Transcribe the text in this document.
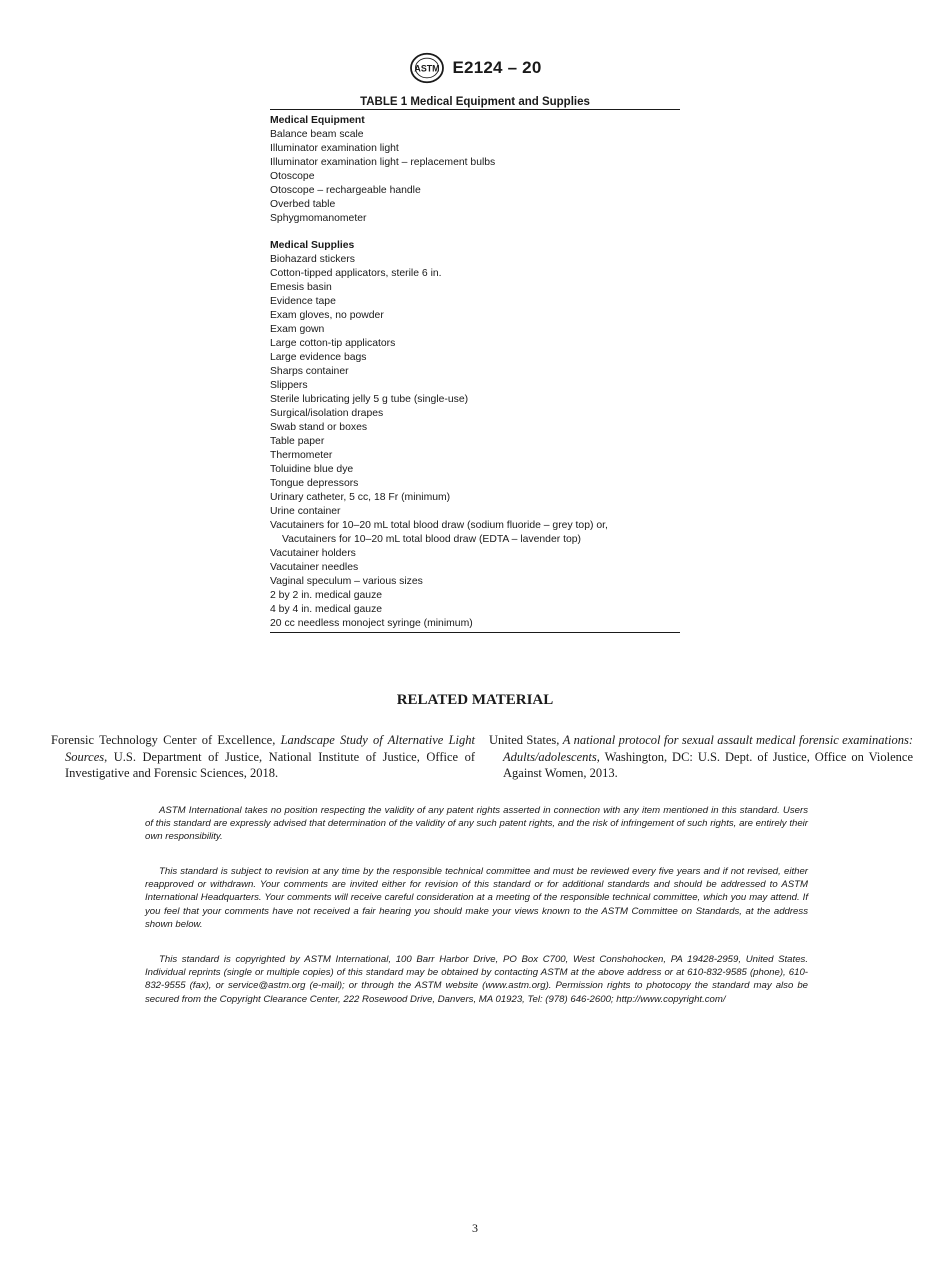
ASTM E2124 – 20
TABLE 1 Medical Equipment and Supplies
Medical Equipment
Balance beam scale
Illuminator examination light
Illuminator examination light – replacement bulbs
Otoscope
Otoscope – rechargeable handle
Overbed table
Sphygmomanometer
Medical Supplies
Biohazard stickers
Cotton-tipped applicators, sterile 6 in.
Emesis basin
Evidence tape
Exam gloves, no powder
Exam gown
Large cotton-tip applicators
Large evidence bags
Sharps container
Slippers
Sterile lubricating jelly 5 g tube (single-use)
Surgical/isolation drapes
Swab stand or boxes
Table paper
Thermometer
Toluidine blue dye
Tongue depressors
Urinary catheter, 5 cc, 18 Fr (minimum)
Urine container
Vacutainers for 10–20 mL total blood draw (sodium fluoride – grey top) or,
Vacutainers for 10–20 mL total blood draw (EDTA – lavender top)
Vacutainer holders
Vacutainer needles
Vaginal speculum – various sizes
2 by 2 in. medical gauze
4 by 4 in. medical gauze
20 cc needless monoject syringe (minimum)
RELATED MATERIAL
Forensic Technology Center of Excellence, Landscape Study of Alternative Light Sources, U.S. Department of Justice, National Institute of Justice, Office of Investigative and Forensic Sciences, 2018.
United States, A national protocol for sexual assault medical forensic examinations: Adults/adolescents, Washington, DC: U.S. Dept. of Justice, Office on Violence Against Women, 2013.
ASTM International takes no position respecting the validity of any patent rights asserted in connection with any item mentioned in this standard. Users of this standard are expressly advised that determination of the validity of any such patent rights, and the risk of infringement of such rights, are entirely their own responsibility.
This standard is subject to revision at any time by the responsible technical committee and must be reviewed every five years and if not revised, either reapproved or withdrawn. Your comments are invited either for revision of this standard or for additional standards and should be addressed to ASTM International Headquarters. Your comments will receive careful consideration at a meeting of the responsible technical committee, which you may attend. If you feel that your comments have not received a fair hearing you should make your views known to the ASTM Committee on Standards, at the address shown below.
This standard is copyrighted by ASTM International, 100 Barr Harbor Drive, PO Box C700, West Conshohocken, PA 19428-2959, United States. Individual reprints (single or multiple copies) of this standard may be obtained by contacting ASTM at the above address or at 610-832-9585 (phone), 610-832-9555 (fax), or service@astm.org (e-mail); or through the ASTM website (www.astm.org). Permission rights to photocopy the standard may also be secured from the Copyright Clearance Center, 222 Rosewood Drive, Danvers, MA 01923, Tel: (978) 646-2600; http://www.copyright.com/
3
